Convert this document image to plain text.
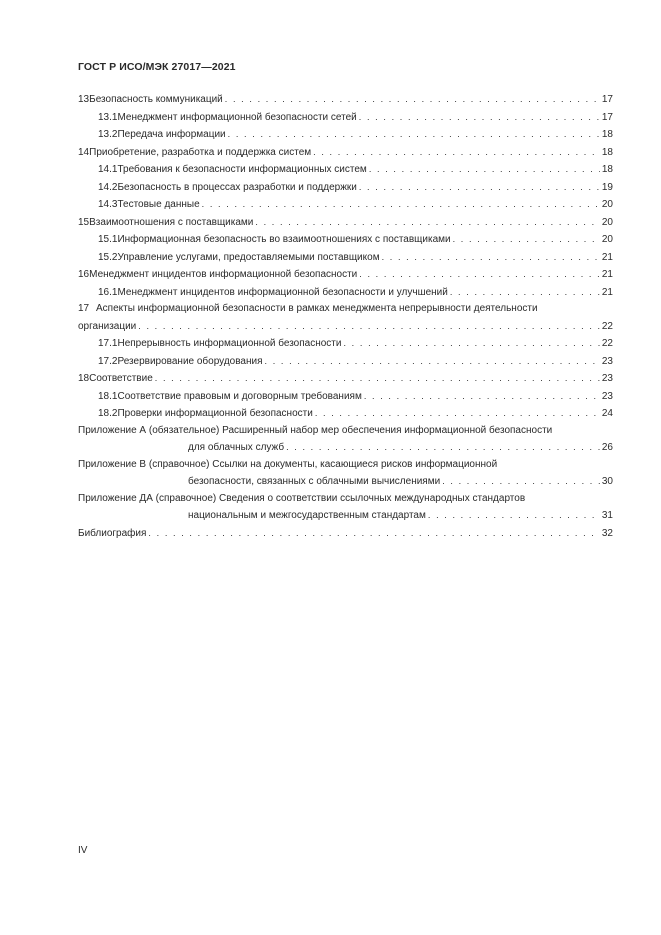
ГОСТ Р ИСО/МЭК 27017—2021
13 Безопасность коммуникаций . . .	17
13.1 Менеджмент информационной безопасности сетей . . .	17
13.2 Передача информации . . .	18
14 Приобретение, разработка и поддержка систем . . .	18
14.1 Требования к безопасности информационных систем . . .	18
14.2 Безопасность в процессах разработки и поддержки . . .	19
14.3 Тестовые данные . . .	20
15 Взаимоотношения с поставщиками . . .	20
15.1 Информационная безопасность во взаимоотношениях с поставщиками . . .	20
15.2 Управление услугами, предоставляемыми поставщиком . . .	21
16 Менеджмент инцидентов информационной безопасности . . .	21
16.1 Менеджмент инцидентов информационной безопасности и улучшений . . .	21
17 Аспекты информационной безопасности в рамках менеджмента непрерывности деятельности
организации . . .	22
17.1 Непрерывность информационной безопасности . . .	22
17.2 Резервирование оборудования . . .	23
18 Соответствие . . .	23
18.1 Соответствие правовым и договорным требованиям . . .	23
18.2 Проверки информационной безопасности . . .	24
Приложение А (обязательное) Расширенный набор мер обеспечения информационной безопасности
для облачных служб . . .	26
Приложение В (справочное) Ссылки на документы, касающиеся рисков информационной
безопасности, связанных с облачными вычислениями . . .	30
Приложение ДА (справочное) Сведения о соответствии ссылочных международных стандартов
национальным и межгосударственным стандартам . . .	31
Библиография . . .	32
IV
